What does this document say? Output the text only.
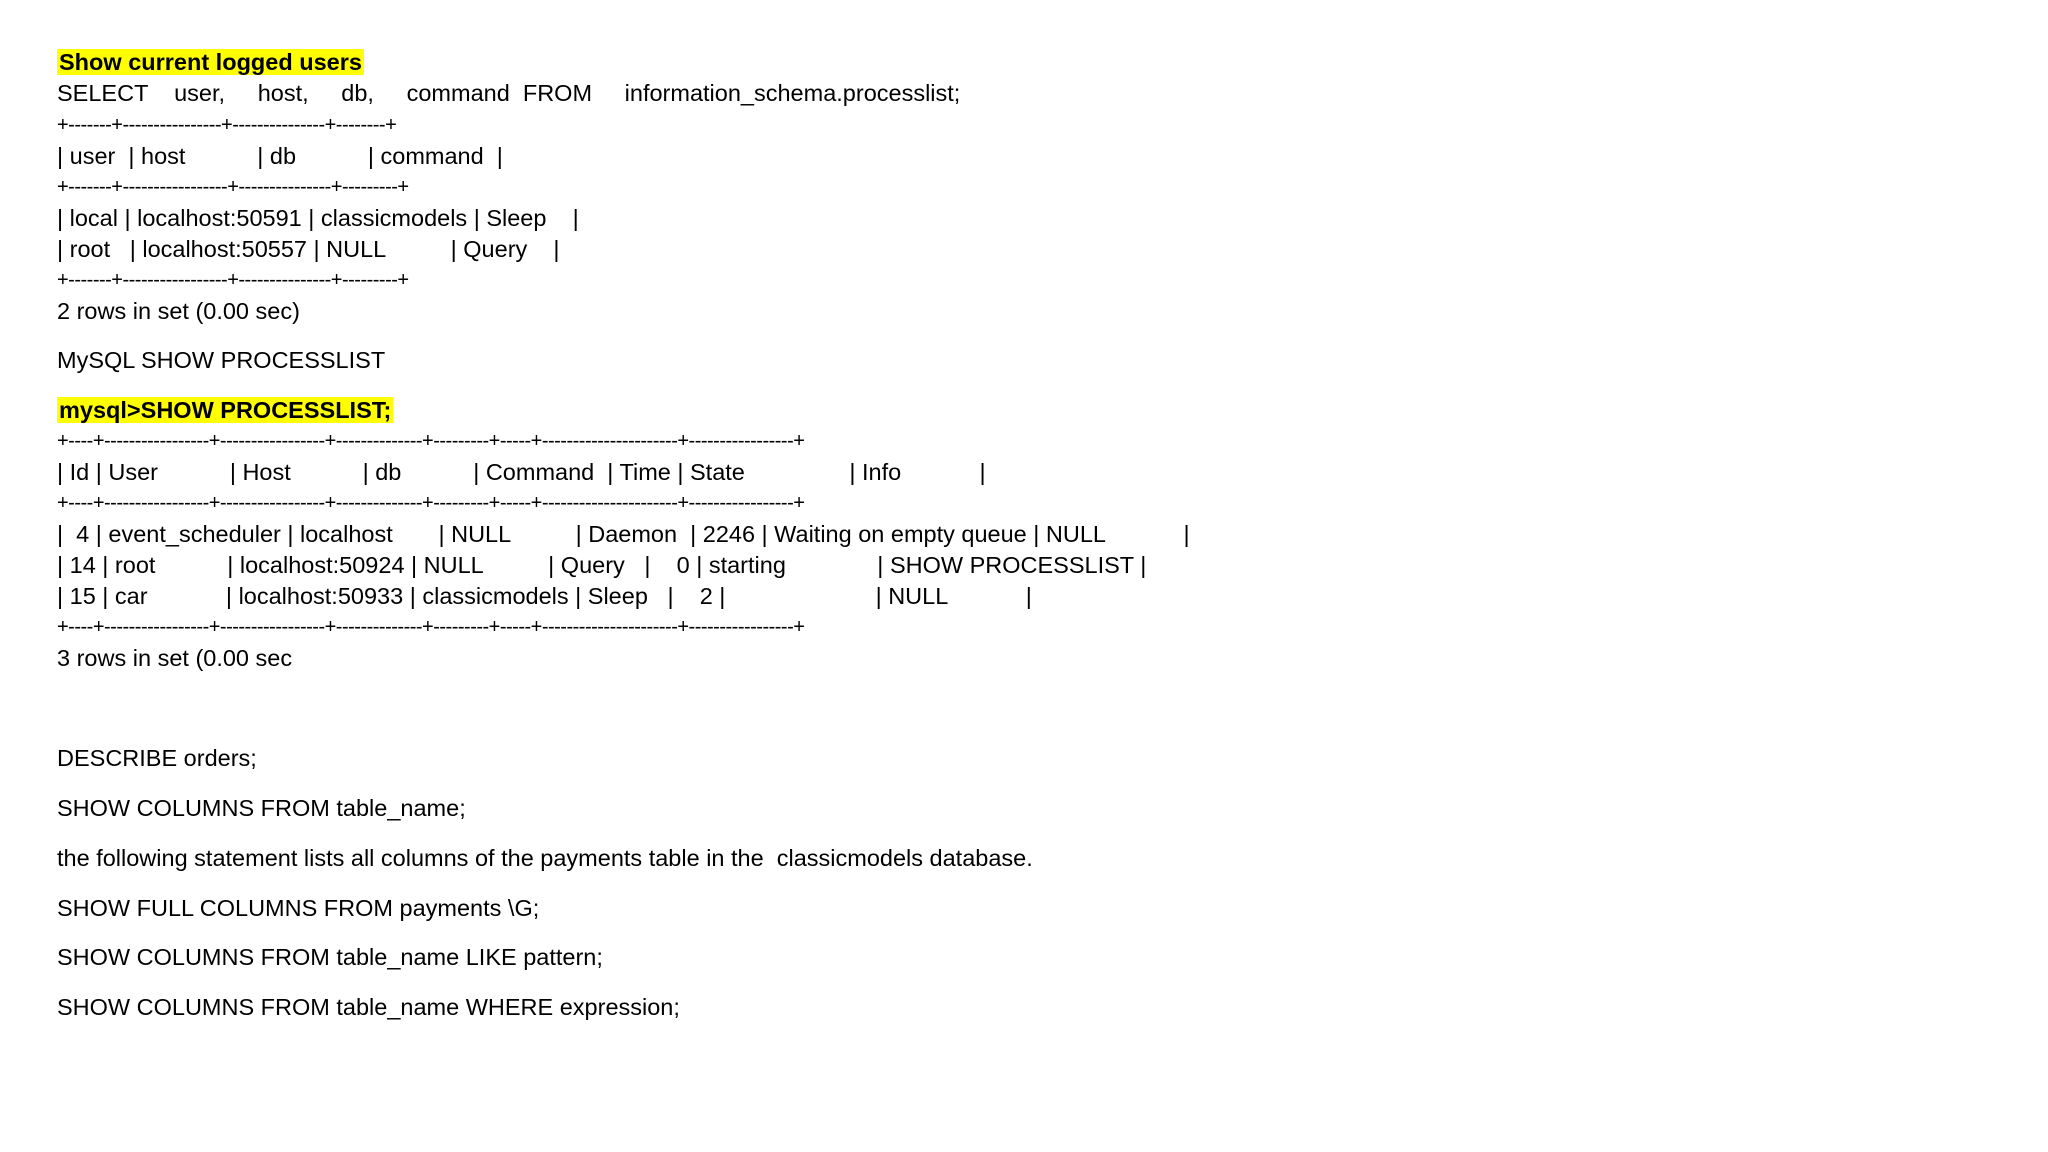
Show current logged users

SELECT    user,     host,     db,     command  FROM     information_schema.processlist;

+-------+----------------+---------------+--------+

| user  | host           | db           | command  |

+-------+-----------------+---------------+---------+

| local | localhost:50591 | classicmodels | Sleep    |

| root   | localhost:50557 | NULL          | Query    |

+-------+-----------------+---------------+---------+

2 rows in set (0.00 sec)

MySQL SHOW PROCESSLIST

mysql>SHOW PROCESSLIST;

+----+-----------------+-----------------+--------------+---------+-----+----------------------+-----------------+

| Id | User           | Host           | db           | Command  | Time | State                | Info            |

+----+-----------------+-----------------+--------------+---------+-----+----------------------+-----------------+

|  4 | event_scheduler | localhost       | NULL          | Daemon  | 2246 | Waiting on empty queue | NULL            |

| 14 | root           | localhost:50924 | NULL          | Query   |    0 | starting              | SHOW PROCESSLIST |

| 15 | car            | localhost:50933 | classicmodels | Sleep   |    2 |                       | NULL            |

+----+-----------------+-----------------+--------------+---------+-----+----------------------+-----------------+

3 rows in set (0.00 sec

DESCRIBE orders;

SHOW COLUMNS FROM table_name;

the following statement lists all columns of the payments table in the  classicmodels database.

SHOW FULL COLUMNS FROM payments \G;

SHOW COLUMNS FROM table_name LIKE pattern;

SHOW COLUMNS FROM table_name WHERE expression;
